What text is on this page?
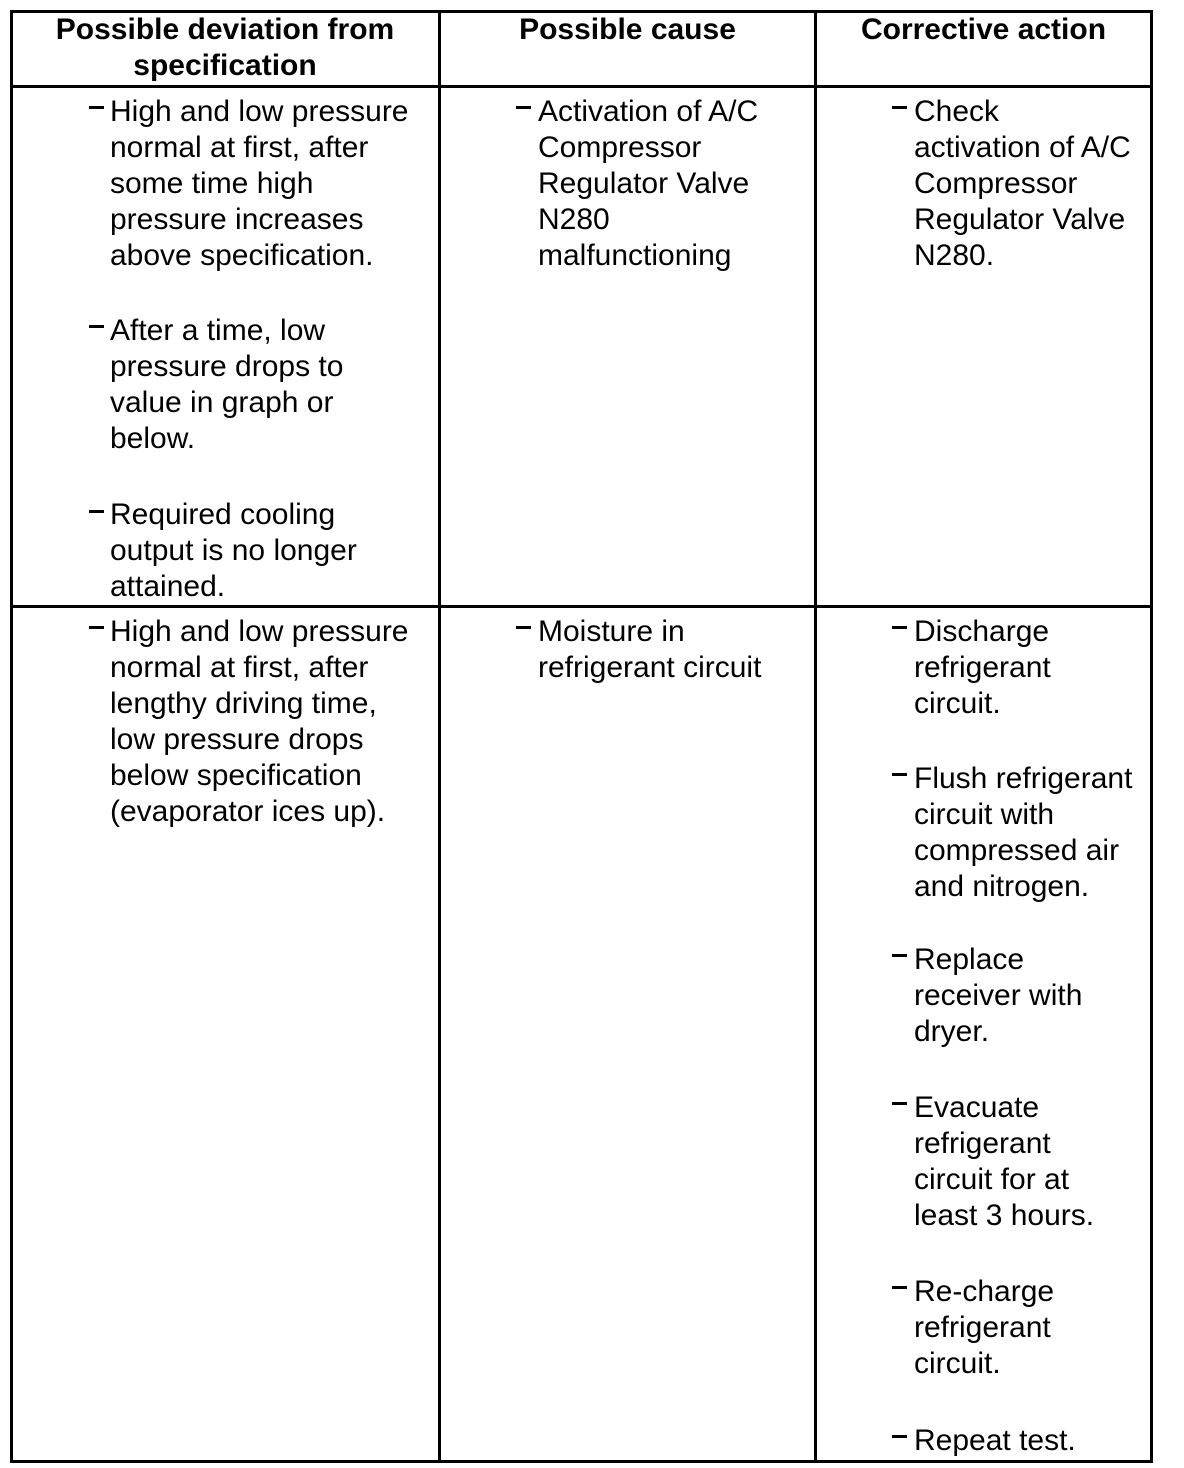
Possible deviation from specification
Possible cause	Corrective action
High and low pressure
normal at first, after
some time high
pressure increases
above specification.
After a time, low
pressure drops to
value in graph or
below.
Required cooling
output is no longer
attained.
Activation of A/C
Compressor
Regulator Valve
N280
malfunctioning
Check
activation of A/C
Compressor
Regulator Valve
N280.
High and low pressure
normal at first, after
lengthy driving time,
low pressure drops
below specification
(evaporator ices up).
Moisture in
refrigerant circuit
Discharge
refrigerant
circuit.
Flush refrigerant
circuit with
compressed air
and nitrogen.
Replace
receiver with
dryer.
Evacuate
refrigerant
circuit for at
least 3 hours.
Re-charge
refrigerant
circuit.
Repeat test.
